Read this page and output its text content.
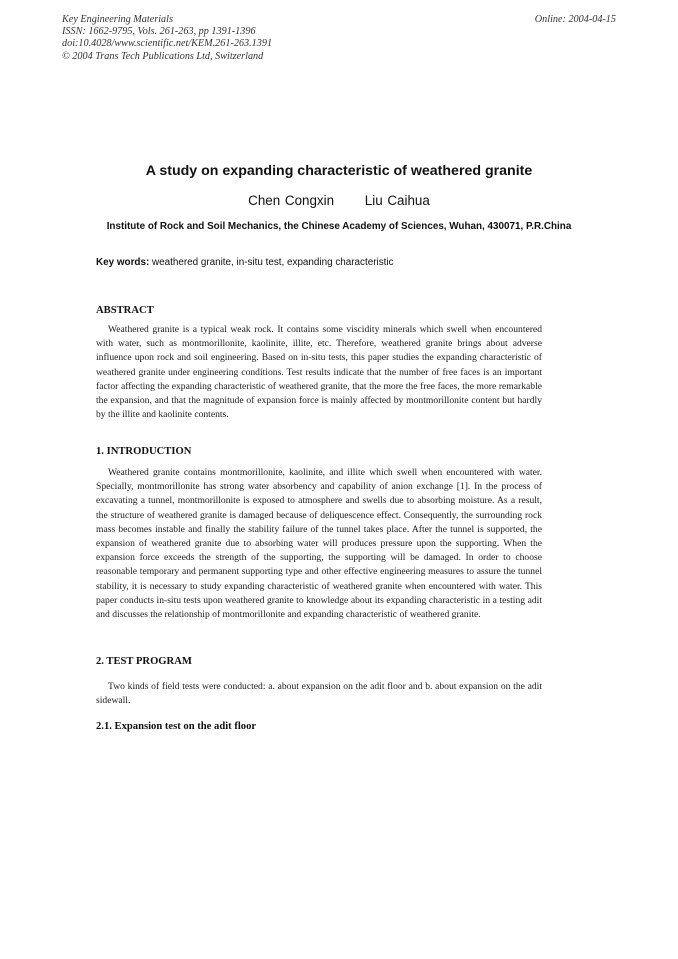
Key Engineering Materials
ISSN: 1662-9795, Vols. 261-263, pp 1391-1396
doi:10.4028/www.scientific.net/KEM.261-263.1391
© 2004 Trans Tech Publications Ltd, Switzerland
Online: 2004-04-15
A study on expanding characteristic of weathered granite
Chen Congxin Liu Caihua
Institute of Rock and Soil Mechanics, the Chinese Academy of Sciences, Wuhan, 430071, P.R.China
Key words: weathered granite, in-situ test, expanding characteristic
ABSTRACT

Weathered granite is a typical weak rock. It contains some viscidity minerals which swell when encountered with water, such as montmorillonite, kaolinite, illite, etc. Therefore, weathered granite brings about adverse influence upon rock and soil engineering. Based on in-situ tests, this paper studies the expanding characteristic of weathered granite under engineering conditions. Test results indicate that the number of free faces is an important factor affecting the expanding characteristic of weathered granite, that the more the free faces, the more remarkable the expansion, and that the magnitude of expansion force is mainly affected by montmorillonite content but hardly by the illite and kaolinite contents.

1. INTRODUCTION

Weathered granite contains montmorillonite, kaolinite, and illite which swell when encountered with water. Specially, montmorillonite has strong water absorbency and capability of anion exchange [1]. In the process of excavating a tunnel, montmorillonite is exposed to atmosphere and swells due to absorbing moisture. As a result, the structure of weathered granite is damaged because of deliquescence effect. Consequently, the surrounding rock mass becomes instable and finally the stability failure of the tunnel takes place. After the tunnel is supported, the expansion of weathered granite due to absorbing water will produces pressure upon the supporting. When the expansion force exceeds the strength of the supporting, the supporting will be damaged. In order to choose reasonable temporary and permanent supporting type and other effective engineering measures to assure the tunnel stability, it is necessary to study expanding characteristic of weathered granite when encountered with water. This paper conducts in-situ tests upon weathered granite to knowledge about its expanding characteristic in a testing adit and discusses the relationship of montmorillonite and expanding characteristic of weathered granite.

2. TEST PROGRAM

Two kinds of field tests were conducted: a. about expansion on the adit floor and b. about expansion on the adit sidewall.

2.1. Expansion test on the adit floor
